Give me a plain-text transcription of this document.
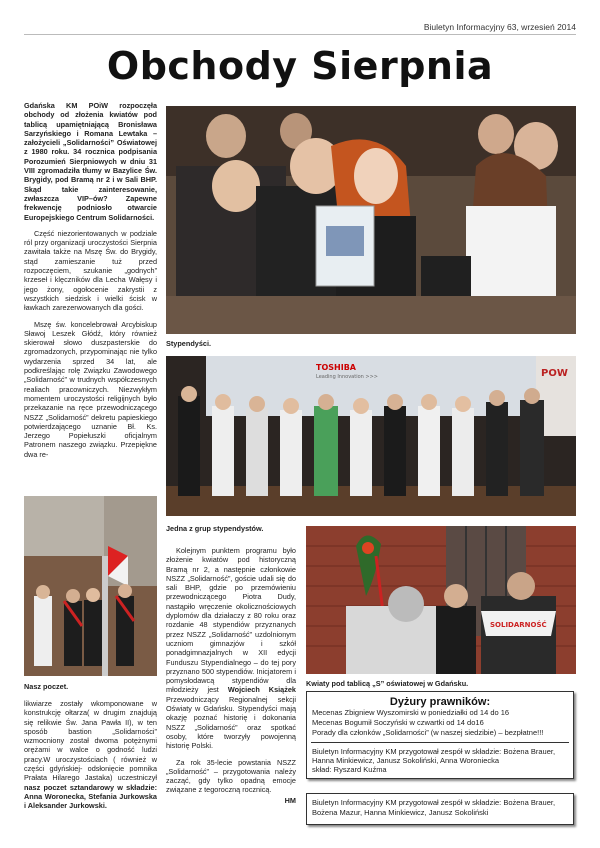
Biuletyn Informacyjny 63, wrzesień 2014
Obchody Sierpnia

Gdańska KM POiW rozpoczęła obchody od złożenia kwiatów pod tablicą upamiętniającą Bronisława Sarzyńskiego i Romana Lewtaka – założycieli „Solidarności” Oświatowej z 1980 roku. 34 rocznica podpisania Porozumień Sierpniowych w dniu 31 VIII zgromadziła tłumy w Bazylice Św. Brygidy, pod Bramą nr 2 i w Sali BHP. Skąd takie zainteresowanie, zwłaszcza VIP–ów? Zapewne frekwencję podniosło otwarcie Europejskiego Centrum Solidarności.

Część niezorientowanych w podziale ról przy organizacji uroczystości Sierpnia zawitała także na Mszę Św. do Brygidy, stąd zamieszanie tuż przed rozpoczęciem, szukanie „godnych” krzeseł i klęczników dla Lecha Wałęsy i jego żony, ogołocenie zakrystii z wszystkich siedzisk i wielki ścisk w ławkach zarezerwowanych dla gości.

Mszę św. koncelebrował Arcybiskup Sławoj Leszek Głódź, który również skierował słowo duszpasterskie do zgromadzonych, przypominając nie tylko wydarzenia sprzed 34 lat, ale podkreślając rolę Związku Zawodowego „Solidarność” w trudnych współczesnych realiach pracowniczych. Niezwykłym momentem uroczystości religijnych było przekazanie na ręce przewodniczącego NSZZ „Solidarność” dekretu papieskiego potwierdzającego uznanie Bł. Ks. Jerzego Popiełuszki oficjalnym Patronem naszego związku. Przepiękne dwa re-

Stypendyści.
TOSHIBA
Leading Innovation >>>	POW
Jedna z grup stypendystów.
Nasz poczet.

likwiarze zostały wkomponowane w konstrukcję ołtarza( w drugim znajdują się relikwie Św. Jana Pawła II), w ten sposób bastion „Solidarności” wzmocniony został dwoma potężnymi orężami w walce o godność ludzi pracy.W uroczystościach ( również w części gdyńskiej- odsłonięcie pomnika Prałata Hilarego Jastaka) uczestniczył nasz poczet sztandarowy w składzie: Anna Woronecka, Stefania Jurkowska i Aleksander Jurkowski.

Kolejnym punktem programu było złożenie kwiatów pod historyczną Bramą nr 2, a następnie członkowie NSZZ „Solidarność”, goście udali się do sali BHP, gdzie po przemówieniu przewodniczącego Piotra Dudy, nastąpiło wręczenie okolicznościowych dyplomów dla działaczy z 80 roku oraz rozdanie 48 stypendiów przyznanych przez NSZZ „Solidarność” uzdolnionym uczniom gimnazjów i szkół ponadgimnazjalnych w XII edycji Funduszu Stypendialnego – do tej pory przyznano 500 stypendiów. Inicjatorem i pomysłodawcą stypendiów dla młodzieży jest Wojciech Książek Przewodniczący Regionalnej sekcji Oświaty w Gdańsku. Stypendyści mają okazję poznać historię i dokonania NSZZ „Solidarność” oraz spotkać osoby, które tworzyły powojenną historię Polski.

Za rok 35-lecie powstania NSZZ „Solidarność” – przygotowania należy zacząć, gdy tylko opadną emocje związane z tegoroczną rocznicą.

HM
SOLIDARNOŚĆ
Kwiaty pod tablicą „S” oświatowej w Gdańsku.
Dyżury prawników:
Mecenas Zbigniew Wyszomirski w poniedziałki od 14 do 16
Mecenas Bogumił Soczyński w czwartki od 14 do16
Porady dla członków „Solidarności” (w naszej siedzibie) – bezpłatne!!!
Biuletyn Informacyjny KM przygotował zespół w składzie: Bożena Brauer, Hanna Minkiewicz, Janusz Sokoliński, Anna Woroniecka
skład: Ryszard Kuźma
Biuletyn Informacyjny KM przygotował zespół w składzie: Bożena Brauer, Bożena Mazur, Hanna Minkiewicz, Janusz Sokoliński
